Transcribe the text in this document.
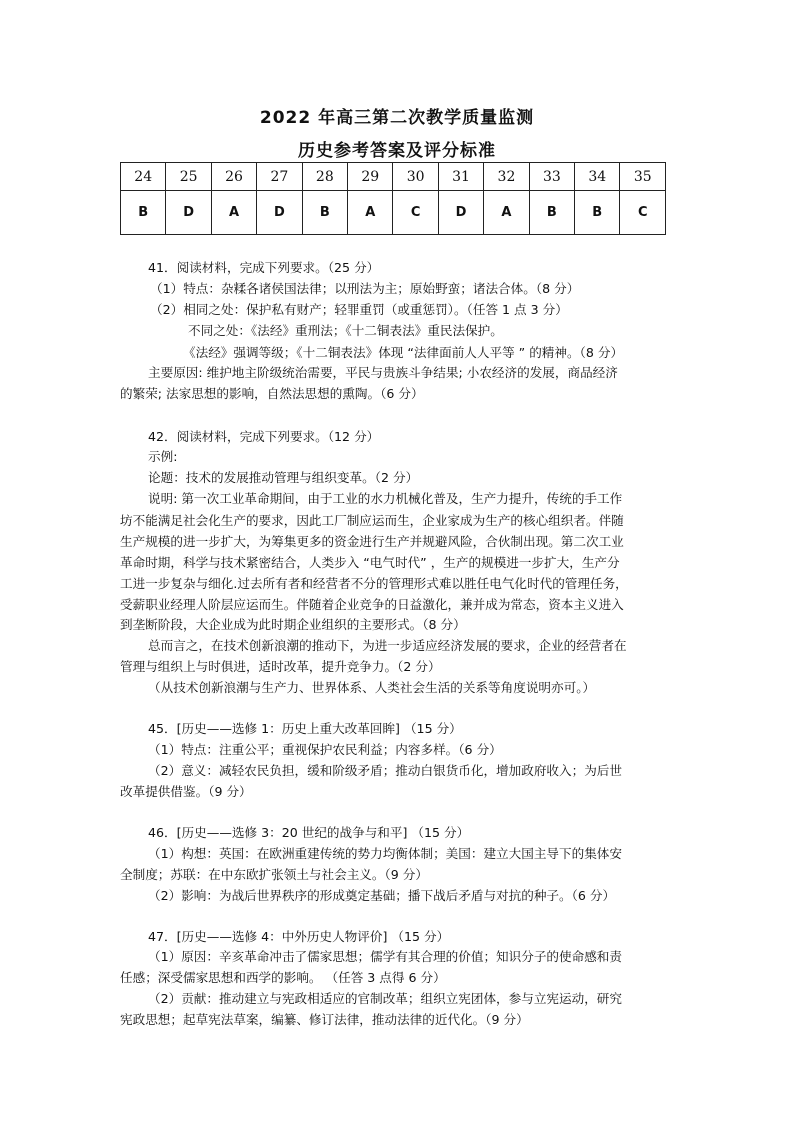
2022 年高三第二次教学质量监测
历史参考答案及评分标准
24	25	26	27	28	29	30	31	32	33	34	35
B	D	A	D	B	A	C	D	A	B	B	C
41．阅读材料，完成下列要求。（25 分）
（1）特点：杂糅各诸侯国法律；以刑法为主；原始野蛮；诸法合体。（8 分）
（2）相同之处：保护私有财产；轻罪重罚（或重惩罚）。（任答 1 点 3 分）
不同之处：《法经》重刑法；《十二铜表法》重民法保护。
《法经》强调等级；《十二铜表法》体现 “法律面前人人平等 ” 的精神。（8 分）
主要原因: 维护地主阶级统治需要，平民与贵族斗争结果; 小农经济的发展，商品经济
的繁荣; 法家思想的影响，自然法思想的熏陶。（6 分）
42．阅读材料，完成下列要求。（12 分）
示例:
论题：技术的发展推动管理与组织变革。（2 分）
说明: 第一次工业革命期间，由于工业的水力机械化普及，生产力提升，传统的手工作
坊不能满足社会化生产的要求，因此工厂制应运而生，企业家成为生产的核心组织者。伴随
生产规模的进一步扩大，为筹集更多的资金进行生产并规避风险，合伙制出现。第二次工业
革命时期，科学与技术紧密结合，人类步入 “电气时代” ，生产的规模进一步扩大，生产分
工进一步复杂与细化.过去所有者和经营者不分的管理形式难以胜任电气化时代的管理任务，
受薪职业经理人阶层应运而生。伴随着企业竞争的日益激化，兼并成为常态，资本主义进入
到垄断阶段，大企业成为此时期企业组织的主要形式。（8 分）
总而言之，在技术创新浪潮的推动下，为进一步适应经济发展的要求，企业的经营者在
管理与组织上与时俱进，适时改革，提升竞争力。（2 分）
（从技术创新浪潮与生产力、世界体系、人类社会生活的关系等角度说明亦可。）
45．[历史——选修 1：历史上重大改革回眸] （15 分）
（1）特点：注重公平；重视保护农民利益；内容多样。（6 分）
（2）意义：减轻农民负担，缓和阶级矛盾；推动白银货币化，增加政府收入；为后世
改革提供借鉴。（9 分）
46．[历史——选修 3：20 世纪的战争与和平] （15 分）
（1）构想：英国：在欧洲重建传统的势力均衡体制；美国：建立大国主导下的集体安
全制度；苏联：在中东欧扩张领土与社会主义。（9 分）
（2）影响：为战后世界秩序的形成奠定基础；播下战后矛盾与对抗的种子。（6 分）
47．[历史——选修 4：中外历史人物评价] （15 分）
（1）原因：辛亥革命冲击了儒家思想；儒学有其合理的价值；知识分子的使命感和责
任感；深受儒家思想和西学的影响。 （任答 3 点得 6 分）
（2）贡献：推动建立与宪政相适应的官制改革；组织立宪团体，参与立宪运动，研究
宪政思想；起草宪法草案，编纂、修订法律，推动法律的近代化。（9 分）
